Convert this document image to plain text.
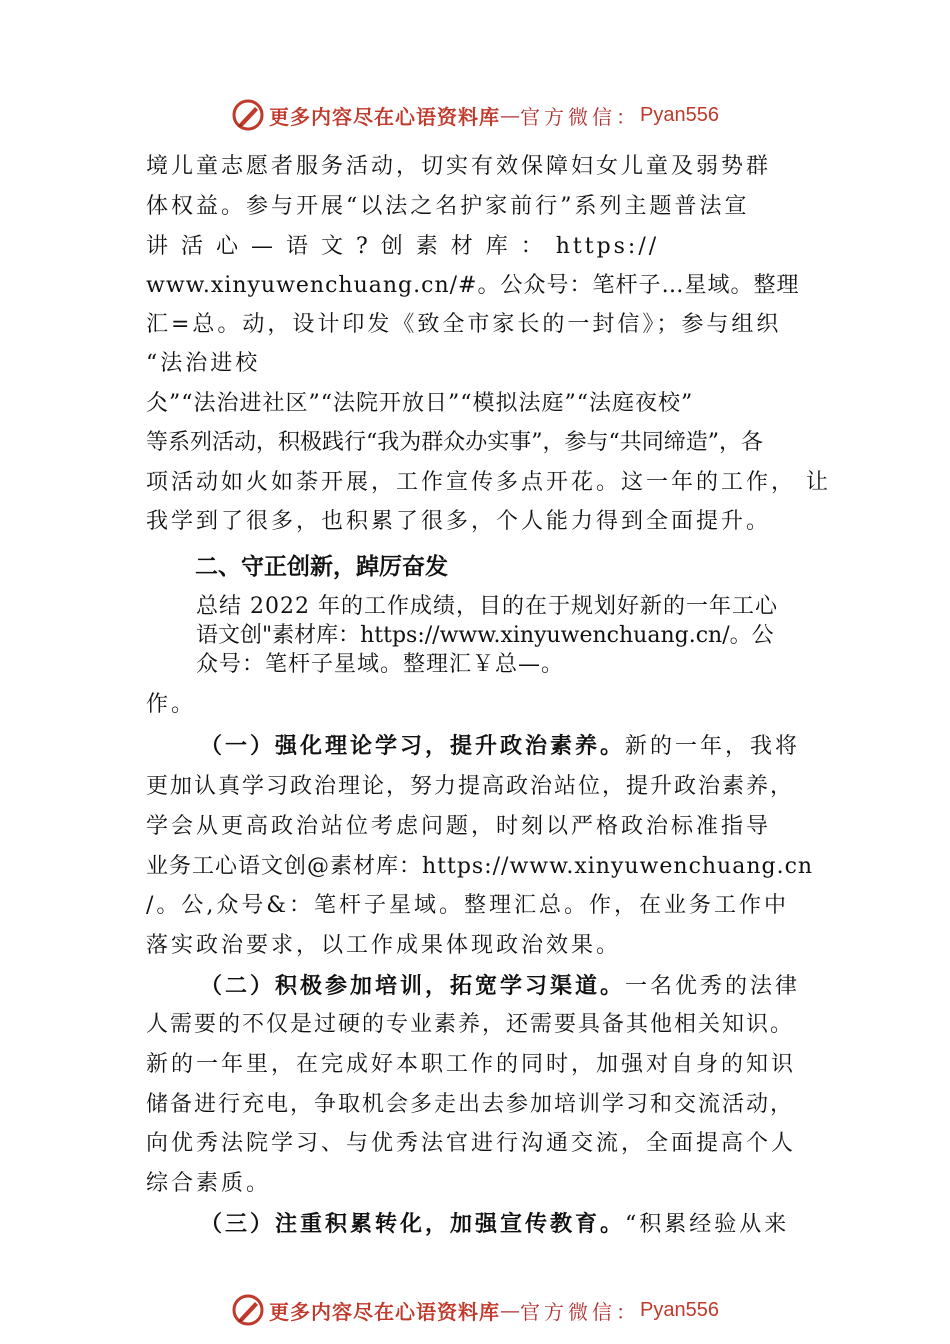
更多内容尽在心语资料库 — 官方微信： Pyan556
境儿童志愿者服务活动，切实有效保障妇女儿童及弱势群
体权益。参与开展“以法之名护家前行”系列主题普法宣
讲 活 心 — 语 文 ? 创 素 材 库 ： https://
www.xinyuwenchuang.cn/#。公众号：笔杆子…星域。整理
汇=总。动，设计印发《致全市家长的一封信》；参与组织
“法治进校
仌”“法治进社区”“法院开放日”“模拟法庭”“法庭夜校”
等系列活动，积极践行“我为群众办实事”，参与“共同缔造”，各
项活动如火如荼开展，工作宣传多点开花。这一年的工作， 让
我学到了很多，也积累了很多，个人能力得到全面提升。
二、守正创新，踔厉奋发
总结 2022 年的工作成绩，目的在于规划好新的一年工心
语文创"素材库：https://www.xinyuwenchuang.cn/。公
众号：笔杆子星域。整理汇￥总—。
作。
（一）强化理论学习，提升政治素养。新的一年，我将
更加认真学习政治理论，努力提高政治站位，提升政治素养，
学会从更高政治站位考虑问题，时刻以严格政治标准指导
业务工心语文创@素材库：https://www.xinyuwenchuang.cn
/。公,众号&：笔杆子星域。整理汇总。作，在业务工作中
落实政治要求，以工作成果体现政治效果。
（二）积极参加培训，拓宽学习渠道。一名优秀的法律
人需要的不仅是过硬的专业素养，还需要具备其他相关知识。
新的一年里，在完成好本职工作的同时，加强对自身的知识
储备进行充电，争取机会多走出去参加培训学习和交流活动，
向优秀法院学习、与优秀法官进行沟通交流，全面提高个人
综合素质。
（三）注重积累转化，加强宣传教育。“积累经验从来
更多内容尽在心语资料库 — 官方微信： Pyan556
